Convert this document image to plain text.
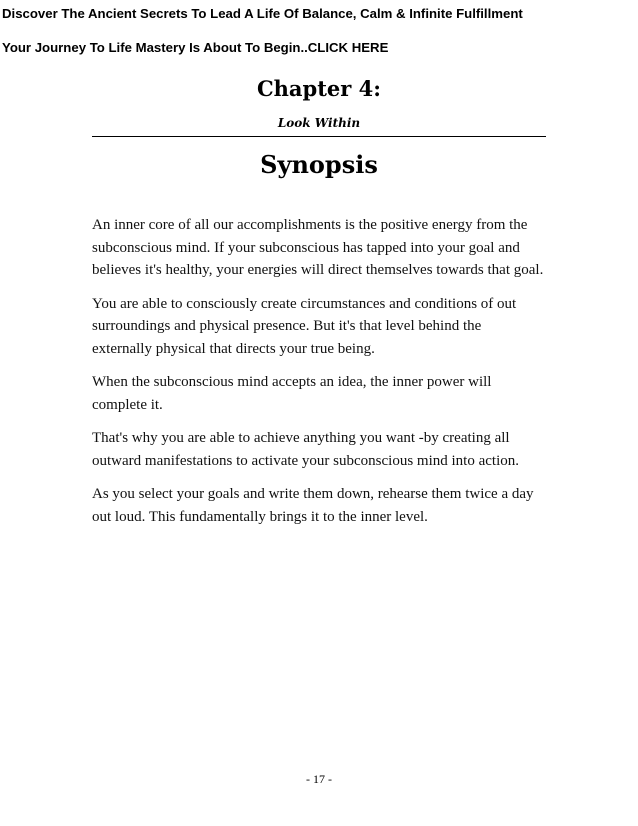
Discover The Ancient Secrets To Lead A Life Of Balance, Calm & Infinite Fulfillment
Your Journey To Life Mastery Is About To Begin..CLICK HERE
Chapter 4:
Look Within
Synopsis

An inner core of all our accomplishments is the positive energy from the subconscious mind. If your subconscious has tapped into your goal and believes it's healthy, your energies will direct themselves towards that goal.

You are able to consciously create circumstances and conditions of out surroundings and physical presence. But it's that level behind the externally physical that directs your true being.

When the subconscious mind accepts an idea, the inner power will complete it.

That's why you are able to achieve anything you want -by creating all outward manifestations to activate your subconscious mind into action.

As you select your goals and write them down, rehearse them twice a day out loud. This fundamentally brings it to the inner level.

- 17 -
